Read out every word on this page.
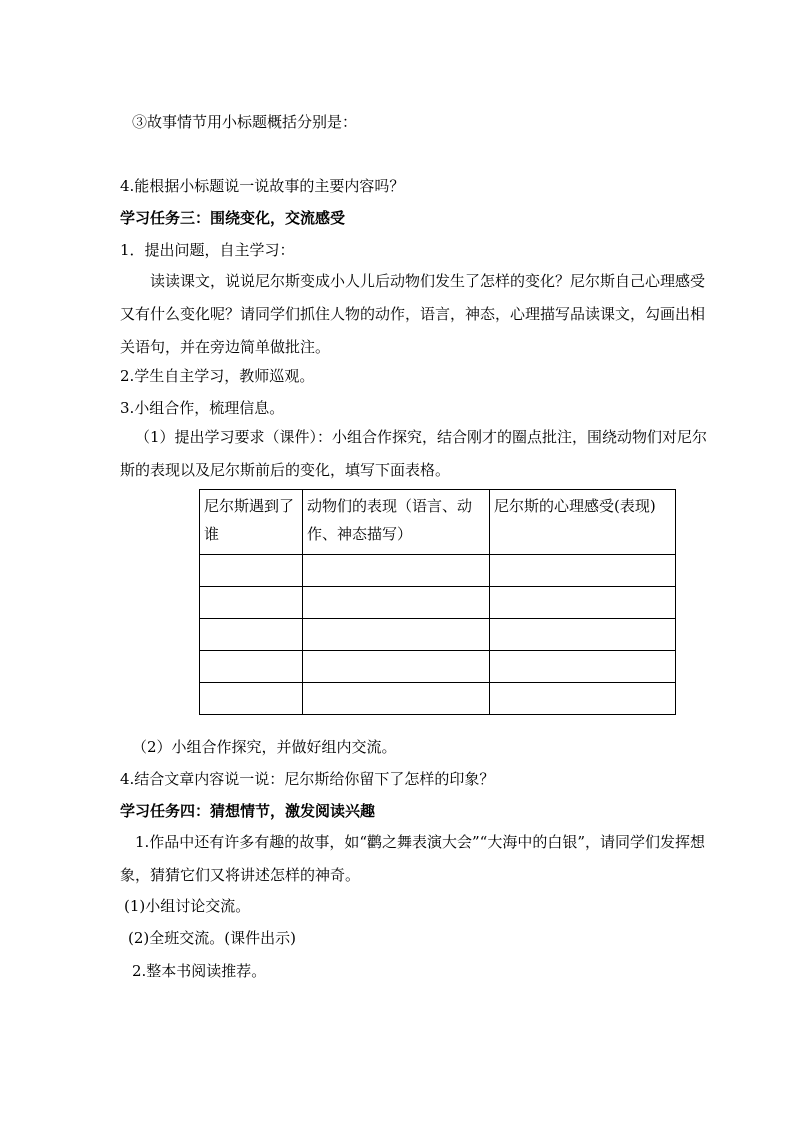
③故事情节用小标题概括分别是：
4.能根据小标题说一说故事的主要内容吗？
学习任务三：围绕变化，交流感受
1．提出问题，自主学习：
读读课文，说说尼尔斯变成小人儿后动物们发生了怎样的变化？尼尔斯自己心理感受又有什么变化呢？请同学们抓住人物的动作，语言，神态，心理描写品读课文，勾画出相关语句，并在旁边简单做批注。
2.学生自主学习，教师巡观。
3.小组合作，梳理信息。
（1）提出学习要求（课件）：小组合作探究，结合刚才的圈点批注，围绕动物们对尼尔斯的表现以及尼尔斯前后的变化，填写下面表格。
尼尔斯遇到了谁	动物们的表现（语言、动作、神态描写）	尼尔斯的心理感受(表现)

（2）小组合作探究，并做好组内交流。
4.结合文章内容说一说：尼尔斯给你留下了怎样的印象？
学习任务四：猜想情节，激发阅读兴趣
1.作品中还有许多有趣的故事，如“鹳之舞表演大会”“大海中的白银”，请同学们发挥想象，猜猜它们又将讲述怎样的神奇。
(1)小组讨论交流。
(2)全班交流。(课件出示)
2.整本书阅读推荐。
